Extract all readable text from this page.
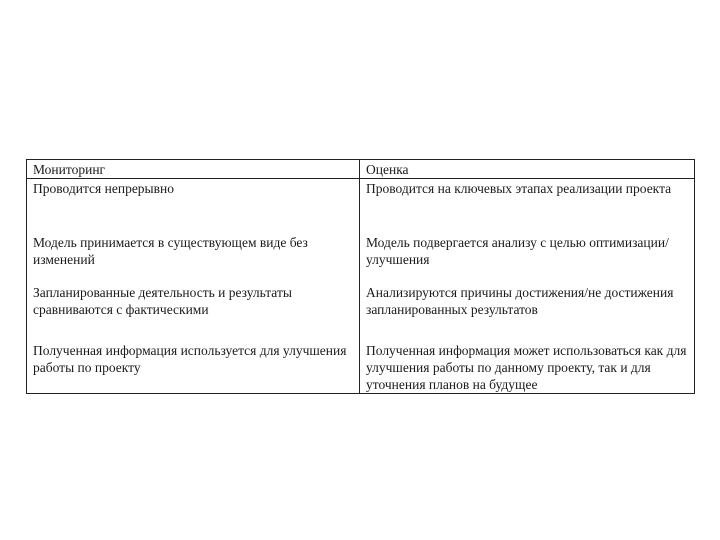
Мониторинг	Оценка
Проводится непрерывно	Проводится на ключевых этапах реализации проекта
Модель принимается в существующем виде без изменений	Модель подвергается анализу с целью оптимизации/улучшения
Запланированные деятельность и результаты сравниваются с фактическими	Анализируются причины достижения/не достижения запланированных результатов
Полученная информация используется для улучшения работы по проекту	Полученная информация может использоваться как для улучшения работы по данному проекту, так и для уточнения планов на будущее
